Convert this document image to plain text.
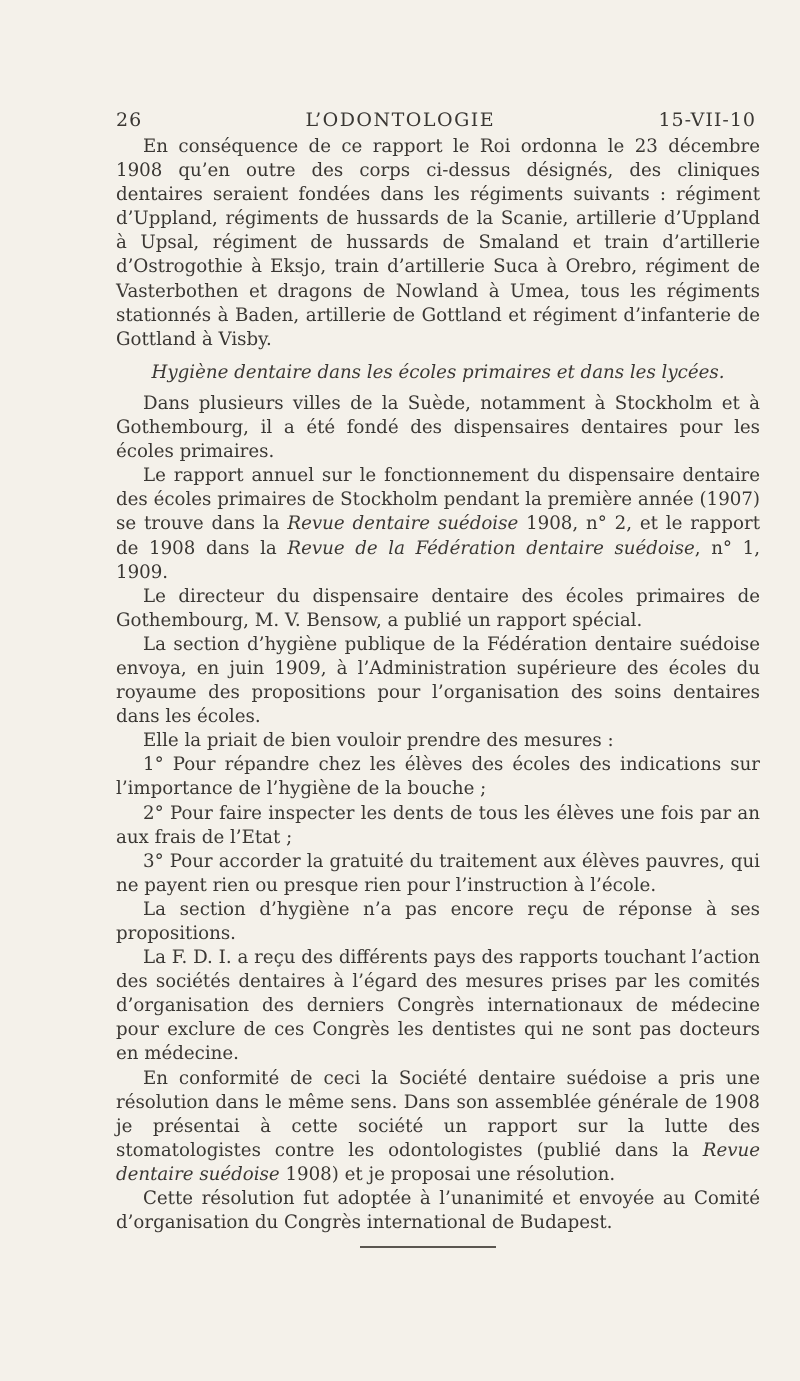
26	L’ODONTOLOGIE	15-VII-10

En conséquence de ce rapport le Roi ordonna le 23 décembre 1908 qu’en outre des corps ci-dessus désignés, des cliniques dentaires seraient fondées dans les régiments suivants : régiment d’Uppland, régiments de hussards de la Scanie, artillerie d’Uppland à Upsal, régiment de hussards de Smaland et train d’artillerie d’Ostrogothie à Eksjo, train d’artillerie Suca à Orebro, régiment de Vasterbothen et dragons de Nowland à Umea, tous les régiments stationnés à Baden, artillerie de Gottland et régiment d’infanterie de Gottland à Visby.

Hygiène dentaire dans les écoles primaires et dans les lycées.

Dans plusieurs villes de la Suède, notamment à Stockholm et à Gothembourg, il a été fondé des dispensaires dentaires pour les écoles primaires.

Le rapport annuel sur le fonctionnement du dispensaire dentaire des écoles primaires de Stockholm pendant la première année (1907) se trouve dans la Revue dentaire suédoise 1908, n° 2, et le rapport de 1908 dans la Revue de la Fédération dentaire suédoise, n° 1, 1909.

Le directeur du dispensaire dentaire des écoles primaires de Gothembourg, M. V. Bensow, a publié un rapport spécial.

La section d’hygiène publique de la Fédération dentaire suédoise envoya, en juin 1909, à l’Administration supérieure des écoles du royaume des propositions pour l’organisation des soins dentaires dans les écoles.

Elle la priait de bien vouloir prendre des mesures :

1° Pour répandre chez les élèves des écoles des indications sur l’importance de l’hygiène de la bouche ;

2° Pour faire inspecter les dents de tous les élèves une fois par an aux frais de l’Etat ;

3° Pour accorder la gratuité du traitement aux élèves pauvres, qui ne payent rien ou presque rien pour l’instruction à l’école.

La section d’hygiène n’a pas encore reçu de réponse à ses propositions.

La F. D. I. a reçu des différents pays des rapports touchant l’action des sociétés dentaires à l’égard des mesures prises par les comités d’organisation des derniers Congrès internationaux de médecine pour exclure de ces Congrès les dentistes qui ne sont pas docteurs en médecine.

En conformité de ceci la Société dentaire suédoise a pris une résolution dans le même sens. Dans son assemblée générale de 1908 je présentai à cette société un rapport sur la lutte des stomatologistes contre les odontologistes (publié dans la Revue dentaire suédoise 1908) et je proposai une résolution.

Cette résolution fut adoptée à l’unanimité et envoyée au Comité d’organisation du Congrès international de Budapest.
